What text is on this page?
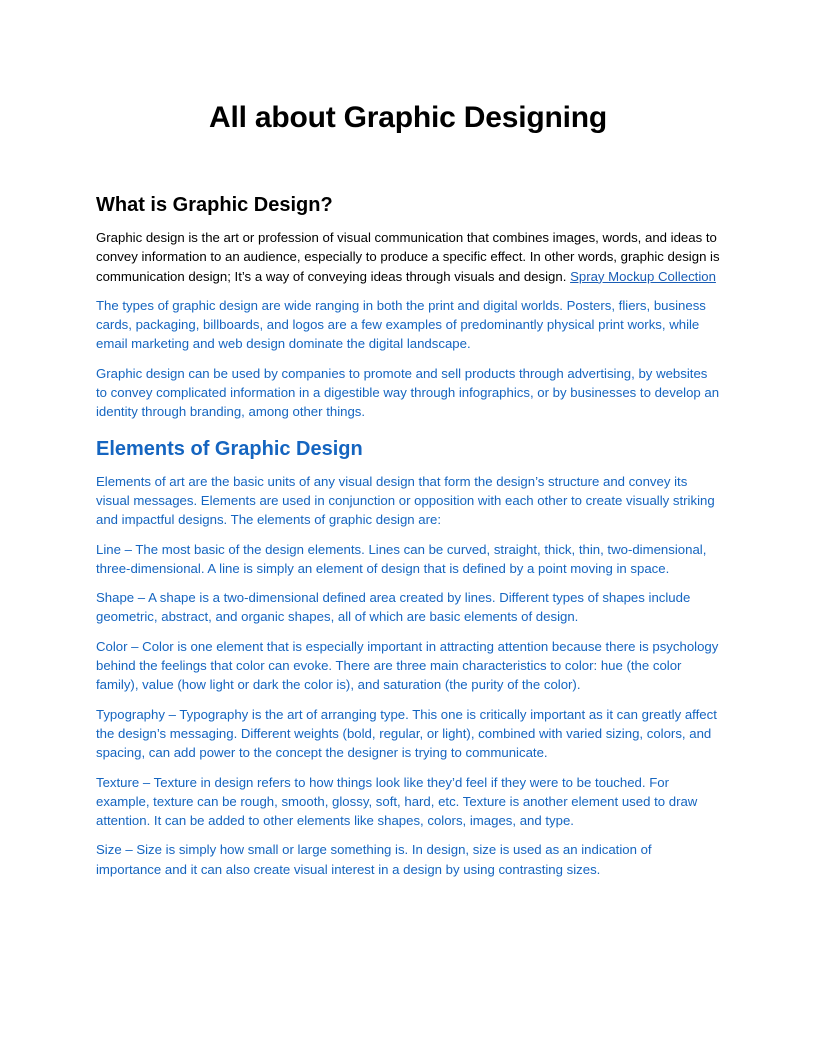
All about Graphic Designing
What is Graphic Design?

Graphic design is the art or profession of visual communication that combines images, words, and ideas to convey information to an audience, especially to produce a specific effect. In other words, graphic design is communication design; It’s a way of conveying ideas through visuals and design. Spray Mockup Collection

The types of graphic design are wide ranging in both the print and digital worlds. Posters, fliers, business cards, packaging, billboards, and logos are a few examples of predominantly physical print works, while email marketing and web design dominate the digital landscape.

Graphic design can be used by companies to promote and sell products through advertising, by websites to convey complicated information in a digestible way through infographics, or by businesses to develop an identity through branding, among other things.

Elements of Graphic Design

Elements of art are the basic units of any visual design that form the design’s structure and convey its visual messages. Elements are used in conjunction or opposition with each other to create visually striking and impactful designs. The elements of graphic design are:

Line – The most basic of the design elements. Lines can be curved, straight, thick, thin, two-dimensional, three-dimensional. A line is simply an element of design that is defined by a point moving in space.

Shape – A shape is a two-dimensional defined area created by lines. Different types of shapes include geometric, abstract, and organic shapes, all of which are basic elements of design.

Color – Color is one element that is especially important in attracting attention because there is psychology behind the feelings that color can evoke. There are three main characteristics to color: hue (the color family), value (how light or dark the color is), and saturation (the purity of the color).

Typography – Typography is the art of arranging type. This one is critically important as it can greatly affect the design’s messaging. Different weights (bold, regular, or light), combined with varied sizing, colors, and spacing, can add power to the concept the designer is trying to communicate.

Texture – Texture in design refers to how things look like they’d feel if they were to be touched. For example, texture can be rough, smooth, glossy, soft, hard, etc. Texture is another element used to draw attention. It can be added to other elements like shapes, colors, images, and type.

Size – Size is simply how small or large something is. In design, size is used as an indication of importance and it can also create visual interest in a design by using contrasting sizes.
